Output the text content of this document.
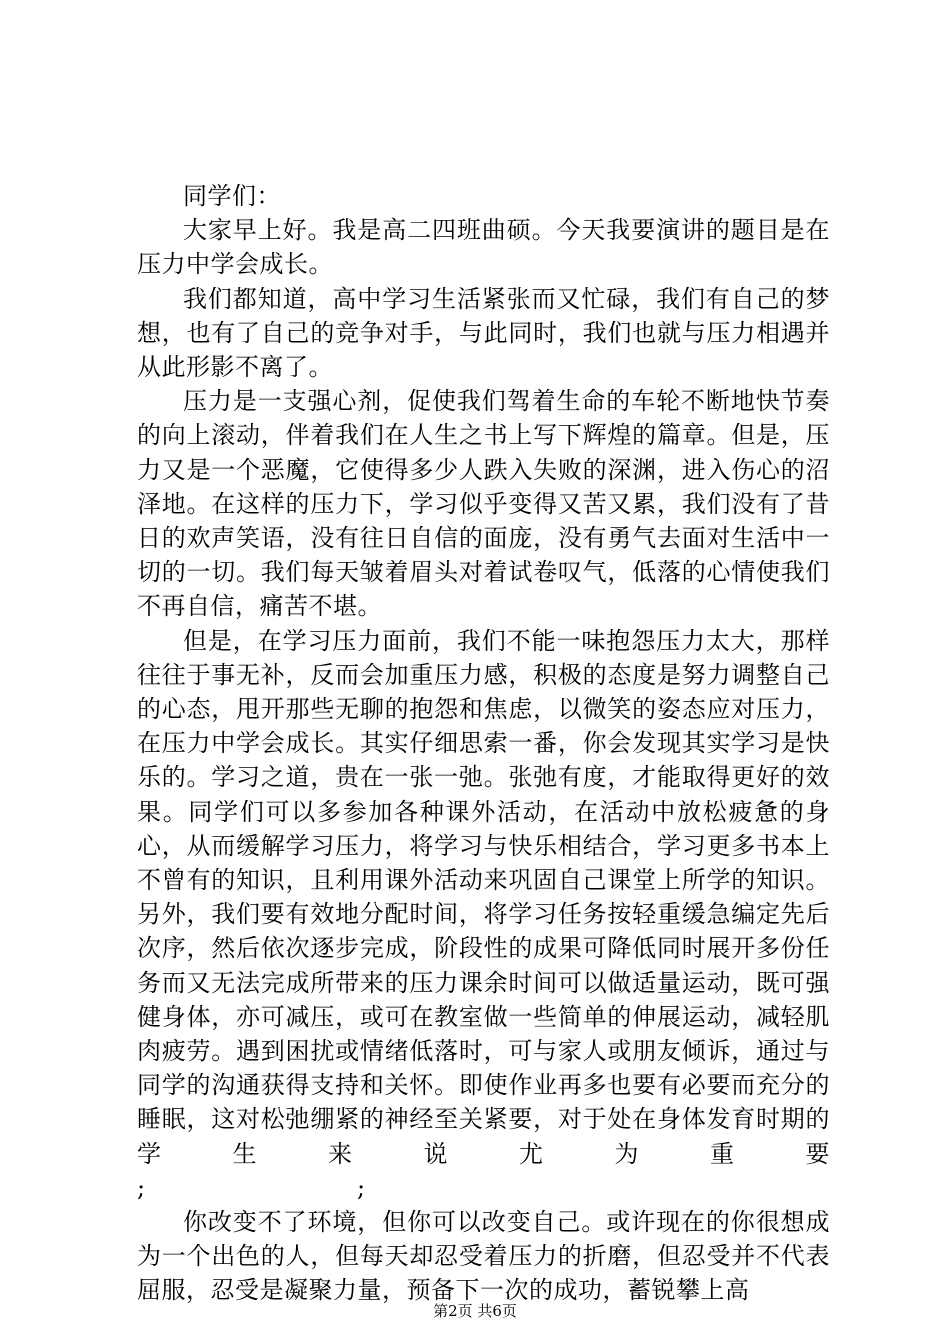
同学们：

大家早上好。我是高二四班曲硕。今天我要演讲的题目是在压力中学会成长。

我们都知道，高中学习生活紧张而又忙碌，我们有自己的梦想，也有了自己的竞争对手，与此同时，我们也就与压力相遇并从此形影不离了。

压力是一支强心剂，促使我们驾着生命的车轮不断地快节奏的向上滚动，伴着我们在人生之书上写下辉煌的篇章。但是，压力又是一个恶魔，它使得多少人跌入失败的深渊，进入伤心的沼泽地。在这样的压力下，学习似乎变得又苦又累，我们没有了昔日的欢声笑语，没有往日自信的面庞，没有勇气去面对生活中一切的一切。我们每天皱着眉头对着试卷叹气，低落的心情使我们不再自信，痛苦不堪。

但是，在学习压力面前，我们不能一味抱怨压力太大，那样往往于事无补，反而会加重压力感，积极的态度是努力调整自己的心态，甩开那些无聊的抱怨和焦虑，以微笑的姿态应对压力，在压力中学会成长。其实仔细思索一番，你会发现其实学习是快乐的。学习之道，贵在一张一弛。张弛有度，才能取得更好的效果。同学们可以多参加各种课外活动，在活动中放松疲惫的身心，从而缓解学习压力，将学习与快乐相结合，学习更多书本上不曾有的知识，且利用课外活动来巩固自己课堂上所学的知识。另外，我们要有效地分配时间，将学习任务按轻重缓急编定先后次序，然后依次逐步完成，阶段性的成果可降低同时展开多份任务而又无法完成所带来的压力课余时间可以做适量运动，既可强健身体，亦可减压，或可在教室做一些简单的伸展运动，减轻肌肉疲劳。遇到困扰或情绪低落时，可与家人或朋友倾诉，通过与同学的沟通获得支持和关怀。即使作业再多也要有必要而充分的睡眠，这对松弛绷紧的神经至关紧要，对于处在身体发育时期的学生来说尤为重要

;	;

你改变不了环境，但你可以改变自己。或许现在的你很想成为一个出色的人，但每天却忍受着压力的折磨，但忍受并不代表屈服，忍受是凝聚力量，预备下一次的成功，蓄锐攀上高

第2页 共6页
